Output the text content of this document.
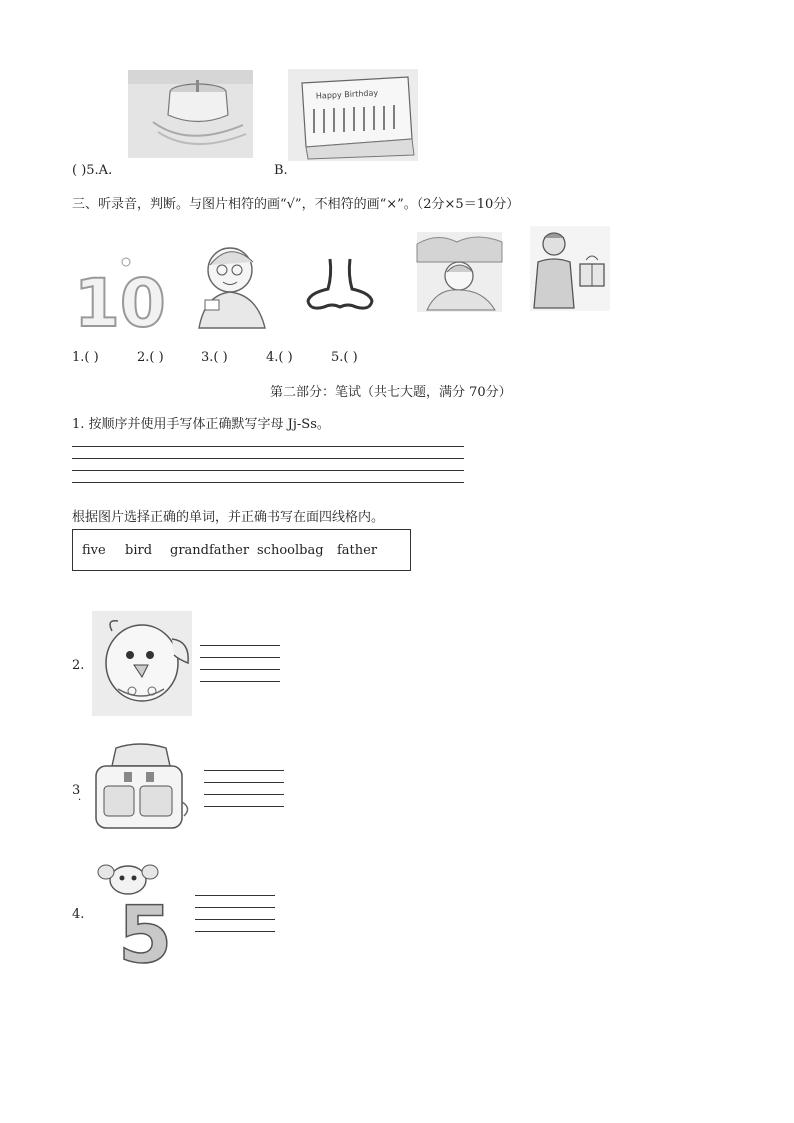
Happy Birthday
( )5.A.	B.
三、听录音，判断。与图片相符的画“√”，不相符的画“×”。（2分×5＝10分）
10
1.( )	2.( )	3.( )	4.( )	5.( )
第二部分：笔试（共七大题，满分 70分）
1. 按顺序并使用手写体正确默写字母 Jj-Ss。
根据图片选择正确的单词，并正确书写在面四线格内。
five bird grandfather schoolbag father
2.
3
·
4. 5
